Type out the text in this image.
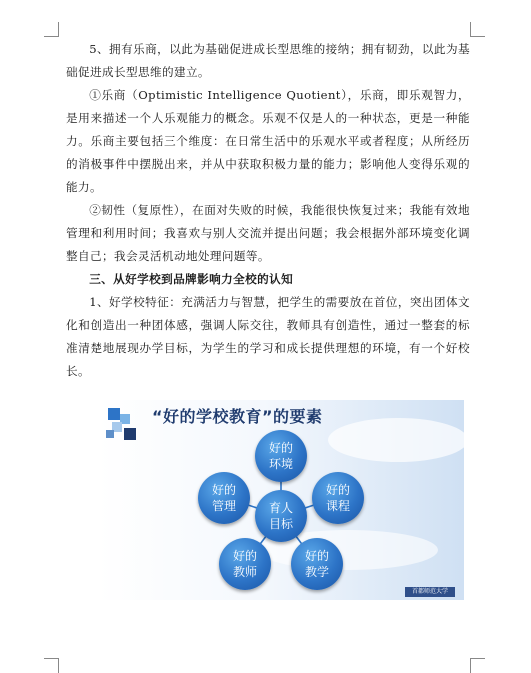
5、拥有乐商，以此为基础促进成长型思维的接纳；拥有韧劲，以此为基础促进成长型思维的建立。

①乐商（Optimistic Intelligence Quotient），乐商，即乐观智力，是用来描述一个人乐观能力的概念。乐观不仅是人的一种状态，更是一种能力。乐商主要包括三个维度：在日常生活中的乐观水平或者程度；从所经历的消极事件中摆脱出来，并从中获取积极力量的能力；影响他人变得乐观的能力。

②韧性（复原性），在面对失败的时候，我能很快恢复过来；我能有效地管理和利用时间；我喜欢与别人交流并提出问题；我会根据外部环境变化调整自己；我会灵活机动地处理问题等。

三、从好学校到品牌影响力全校的认知

1、好学校特征：充满活力与智慧，把学生的需要放在首位，突出团体文化和创造出一种团体感，强调人际交往，教师具有创造性，通过一整套的标准清楚地展现办学目标，为学生的学习和成长提供理想的环境，有一个好校长。

“好的学校教育”的要素
育人目标
好的环境
好的课程
好的教学
好的教师
好的管理
首都师范大学
